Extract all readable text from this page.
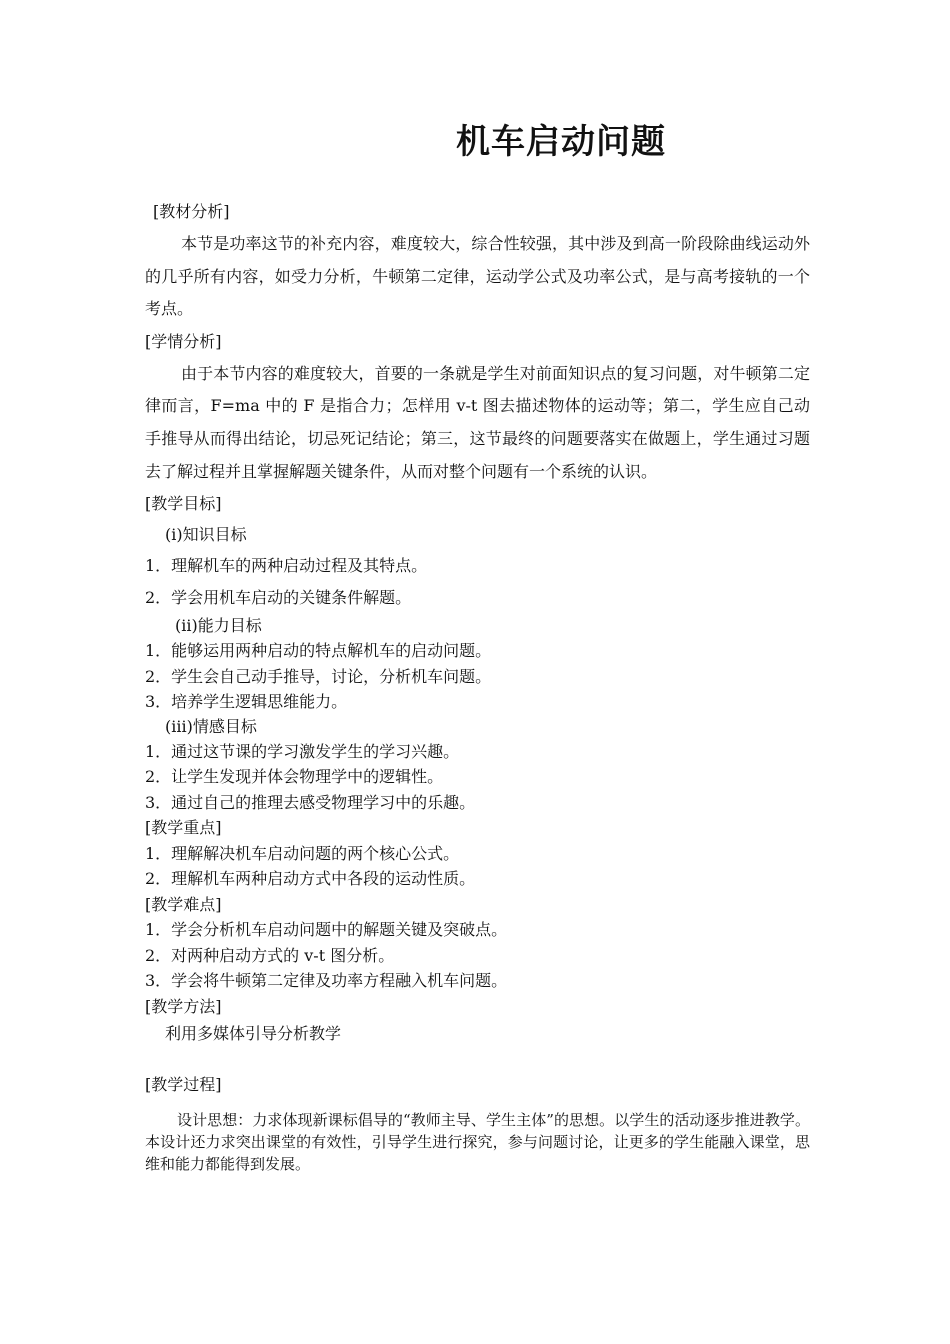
机车启动问题
[教材分析]
本节是功率这节的补充内容，难度较大，综合性较强，其中涉及到高一阶段除曲线运动外的几乎所有内容，如受力分析，牛顿第二定律，运动学公式及功率公式，是与高考接轨的一个考点。
[学情分析]
由于本节内容的难度较大，首要的一条就是学生对前面知识点的复习问题，对牛顿第二定律而言，F=ma 中的 F 是指合力；怎样用 v-t 图去描述物体的运动等；第二，学生应自己动手推导从而得出结论，切忌死记结论；第三，这节最终的问题要落实在做题上，学生通过习题去了解过程并且掌握解题关键条件，从而对整个问题有一个系统的认识。
[教学目标]
(i)知识目标
1．理解机车的两种启动过程及其特点。
2．学会用机车启动的关键条件解题。
(ii)能力目标
1．能够运用两种启动的特点解机车的启动问题。
2．学生会自己动手推导，讨论，分析机车问题。
3．培养学生逻辑思维能力。
(iii)情感目标
1．通过这节课的学习激发学生的学习兴趣。
2．让学生发现并体会物理学中的逻辑性。
3．通过自己的推理去感受物理学习中的乐趣。
[教学重点]
1．理解解决机车启动问题的两个核心公式。
2．理解机车两种启动方式中各段的运动性质。
[教学难点]
1．学会分析机车启动问题中的解题关键及突破点。
2．对两种启动方式的 v-t 图分析。
3．学会将牛顿第二定律及功率方程融入机车问题。
[教学方法]
利用多媒体引导分析教学
[教学过程]
设计思想：力求体现新课标倡导的“教师主导、学生主体”的思想。以学生的活动逐步推进教学。本设计还力求突出课堂的有效性，引导学生进行探究，参与问题讨论，让更多的学生能融入课堂，思维和能力都能得到发展。
